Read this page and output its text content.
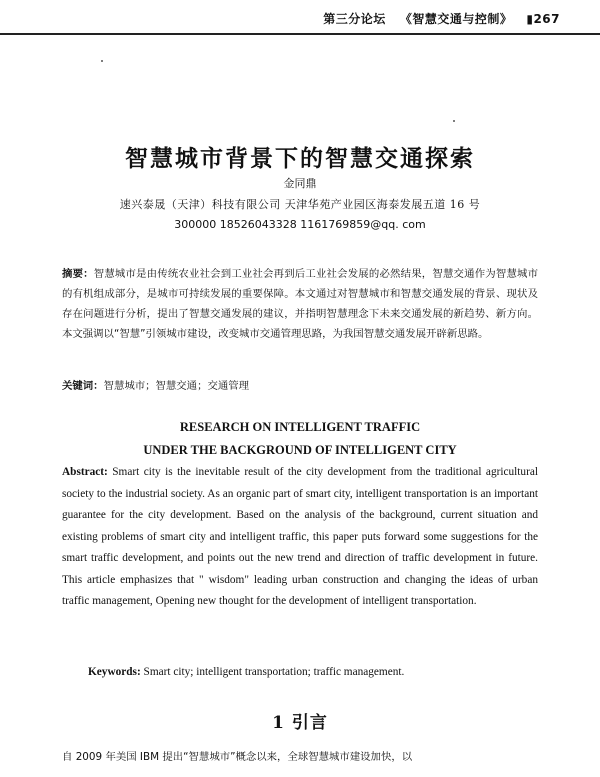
第三分论坛 《智慧交通与控制》 ▮267
智慧城市背景下的智慧交通探索
金同鼎
速兴泰晟（天津）科技有限公司 天津华苑产业园区海泰发展五道 16 号
300000 18526043328 1161769859@qq. com
摘要：智慧城市是由传统农业社会到工业社会再到后工业社会发展的必然结果，智慧交通作为智慧城市的有机组成部分，是城市可持续发展的重要保障。本文通过对智慧城市和智慧交通发展的背景、现状及存在问题进行分析，提出了智慧交通发展的建议，并指明智慧理念下未来交通发展的新趋势、新方向。本文强调以“智慧”引领城市建设，改变城市交通管理思路，为我国智慧交通发展开辟新思路。
关键词：智慧城市；智慧交通；交通管理
RESEARCH ON INTELLIGENT TRAFFIC
UNDER THE BACKGROUND OF INTELLIGENT CITY
Abstract: Smart city is the inevitable result of the city development from the traditional agricultural society to the industrial society. As an organic part of smart city, intelligent transportation is an important guarantee for the city development. Based on the analysis of the background, current situation and existing problems of smart city and intelligent traffic, this paper puts forward some suggestions for the smart traffic development, and points out the new trend and direction of traffic development in future. This article emphasizes that " wisdom" leading urban construction and changing the ideas of urban traffic management, Opening new thought for the development of intelligent transportation.
Keywords: Smart city; intelligent transportation; traffic management.
1 引言
自 2009 年美国 IBM 提出“智慧城市”概念以来，全球智慧城市建设加快，以
